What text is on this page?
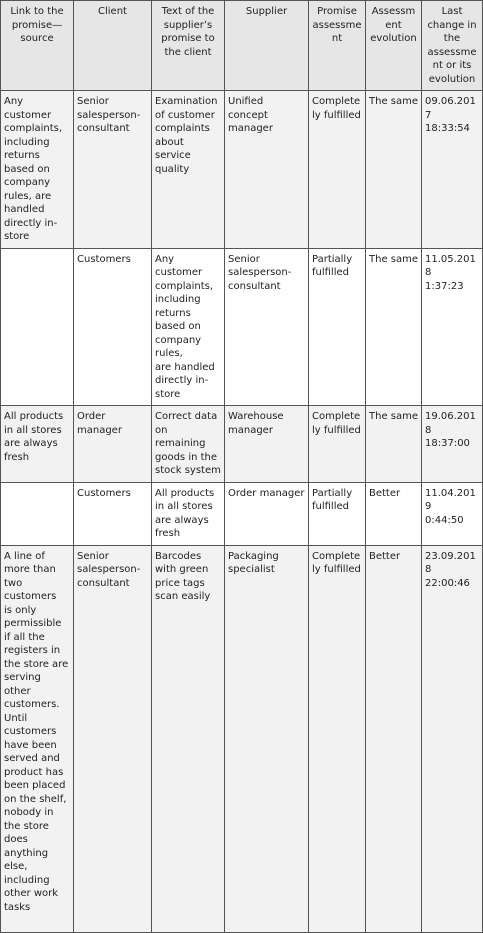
Link to the promise—source	Client	Text of the supplier’s promise to the client	Supplier	Promise assessment	Assessment evolution	Last change in the assessment or its evolution

Any customer complaints, including returns based on company rules, are handled directly in-store	Senior salesperson-consultant	Examination of customer complaints about service quality	Unified concept manager	Completely fulfilled	The same	09.06.2017
18:33:54

	Customers	Any customer complaints, including returns based on company rules,
are handled directly in-store	Senior salesperson-consultant	Partially fulfilled	The same	11.05.2018
1:37:23

All products in all stores are always fresh	Order manager	Correct data on remaining goods in the stock system	Warehouse manager	Completely fulfilled	The same	19.06.2018
18:37:00

	Customers	All products in all stores are always fresh	Order manager	Partially fulfilled	Better	11.04.2019
0:44:50

A line of more than two customers
is only permissible
if all the registers in the store are serving other customers.
Until customers have been served and product has been placed on the shelf, nobody in the store does anything else, including other work tasks	Senior salesperson-consultant	Barcodes with green price tags scan easily	Packaging specialist	Completely fulfilled	Better	23.09.2018
22:00:46
